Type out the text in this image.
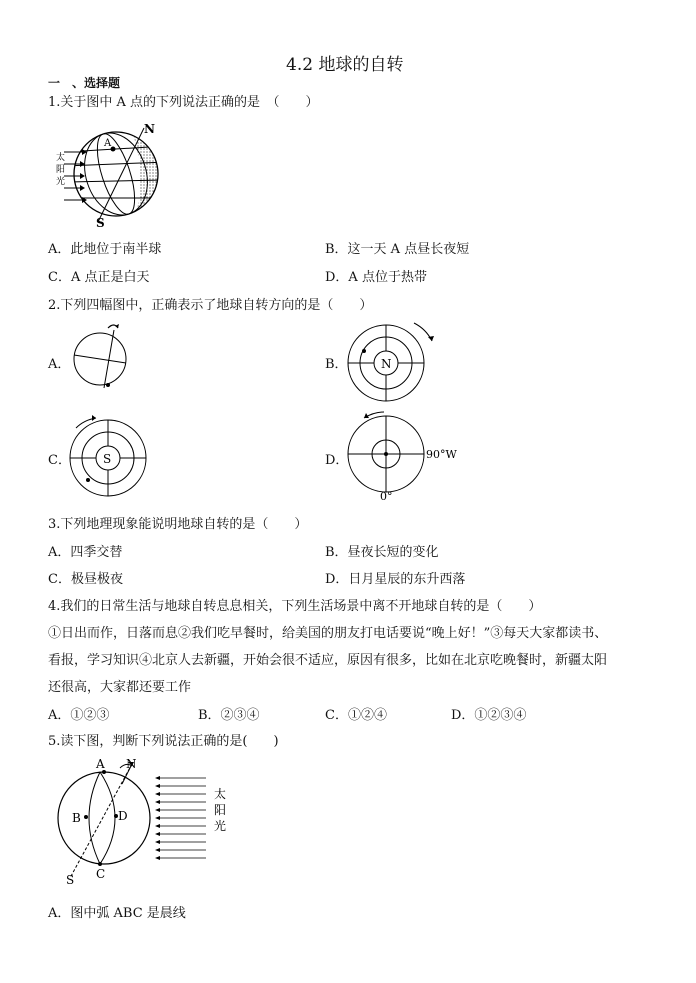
4.2 地球的自转
一　、选择题
1.关于图中 A 点的下列说法正确的是　（　　）
太
阳
光
A
N
S
A．此地位于南半球	B．这一天 A 点昼长夜短
C．A 点正是白天	D．A 点位于热带
2.下列四幅图中，正确表示了地球自转方向的是（　　）
A．	B．	N
C．	S	D．	90°W
0°
3.下列地理现象能说明地球自转的是（　　）
A．四季交替	B．昼夜长短的变化
C．极昼极夜	D．日月星辰的东升西落
4.我们的日常生活与地球自转息息相关，下列生活场景中离不开地球自转的是（　　）
①日出而作，日落而息②我们吃早餐时，给美国的朋友打电话要说“晚上好！”③每天大家都读书、
看报，学习知识④北京人去新疆，开始会很不适应，原因有很多，比如在北京吃晚餐时，新疆太阳
还很高，大家都还要工作
A．①②③	B．②③④	C．①②④	D．①②③④
5.读下图，判断下列说法正确的是(　　)
A
B
C
D
N
S
太
阳
光
A．图中弧 ABC 是晨线
